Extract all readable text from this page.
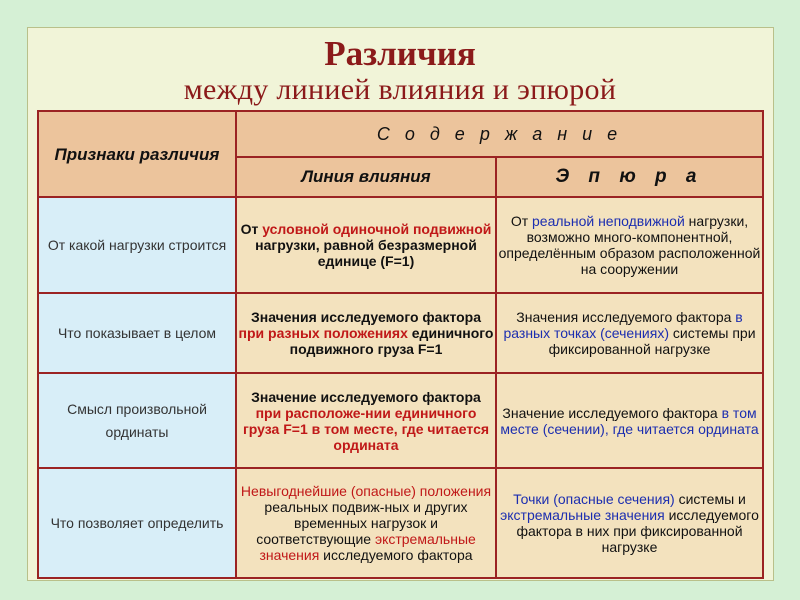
Различия
между линией влияния и эпюрой
Признаки различия	С о д е р ж а н и е	
	Линия влияния	Э п ю р а
От какой нагрузки строится	От условной одиночной подвижной нагрузки, равной безразмерной единице (F=1)	От реальной неподвижной нагрузки, возможно много-компонентной, определённым образом расположенной на сооружении
Что показывает в целом	Значения исследуемого фактора при разных положениях единичного подвижного груза F=1	Значения исследуемого фактора в разных точках (сечениях) системы при фиксированной нагрузке
Смысл произвольной ординаты	Значение исследуемого фактора при расположе-нии единичного груза F=1 в том месте, где читается ордината	Значение исследуемого фактора в том месте (сечении), где читается ордината
Что позволяет определить	Невыгоднейшие (опасные) положения реальных подвиж-ных и других временных нагрузок и соответствующие экстремальные значения исследуемого фактора	Точки (опасные сечения) системы и экстремальные значения исследуемого фактора в них при фиксированной нагрузке
